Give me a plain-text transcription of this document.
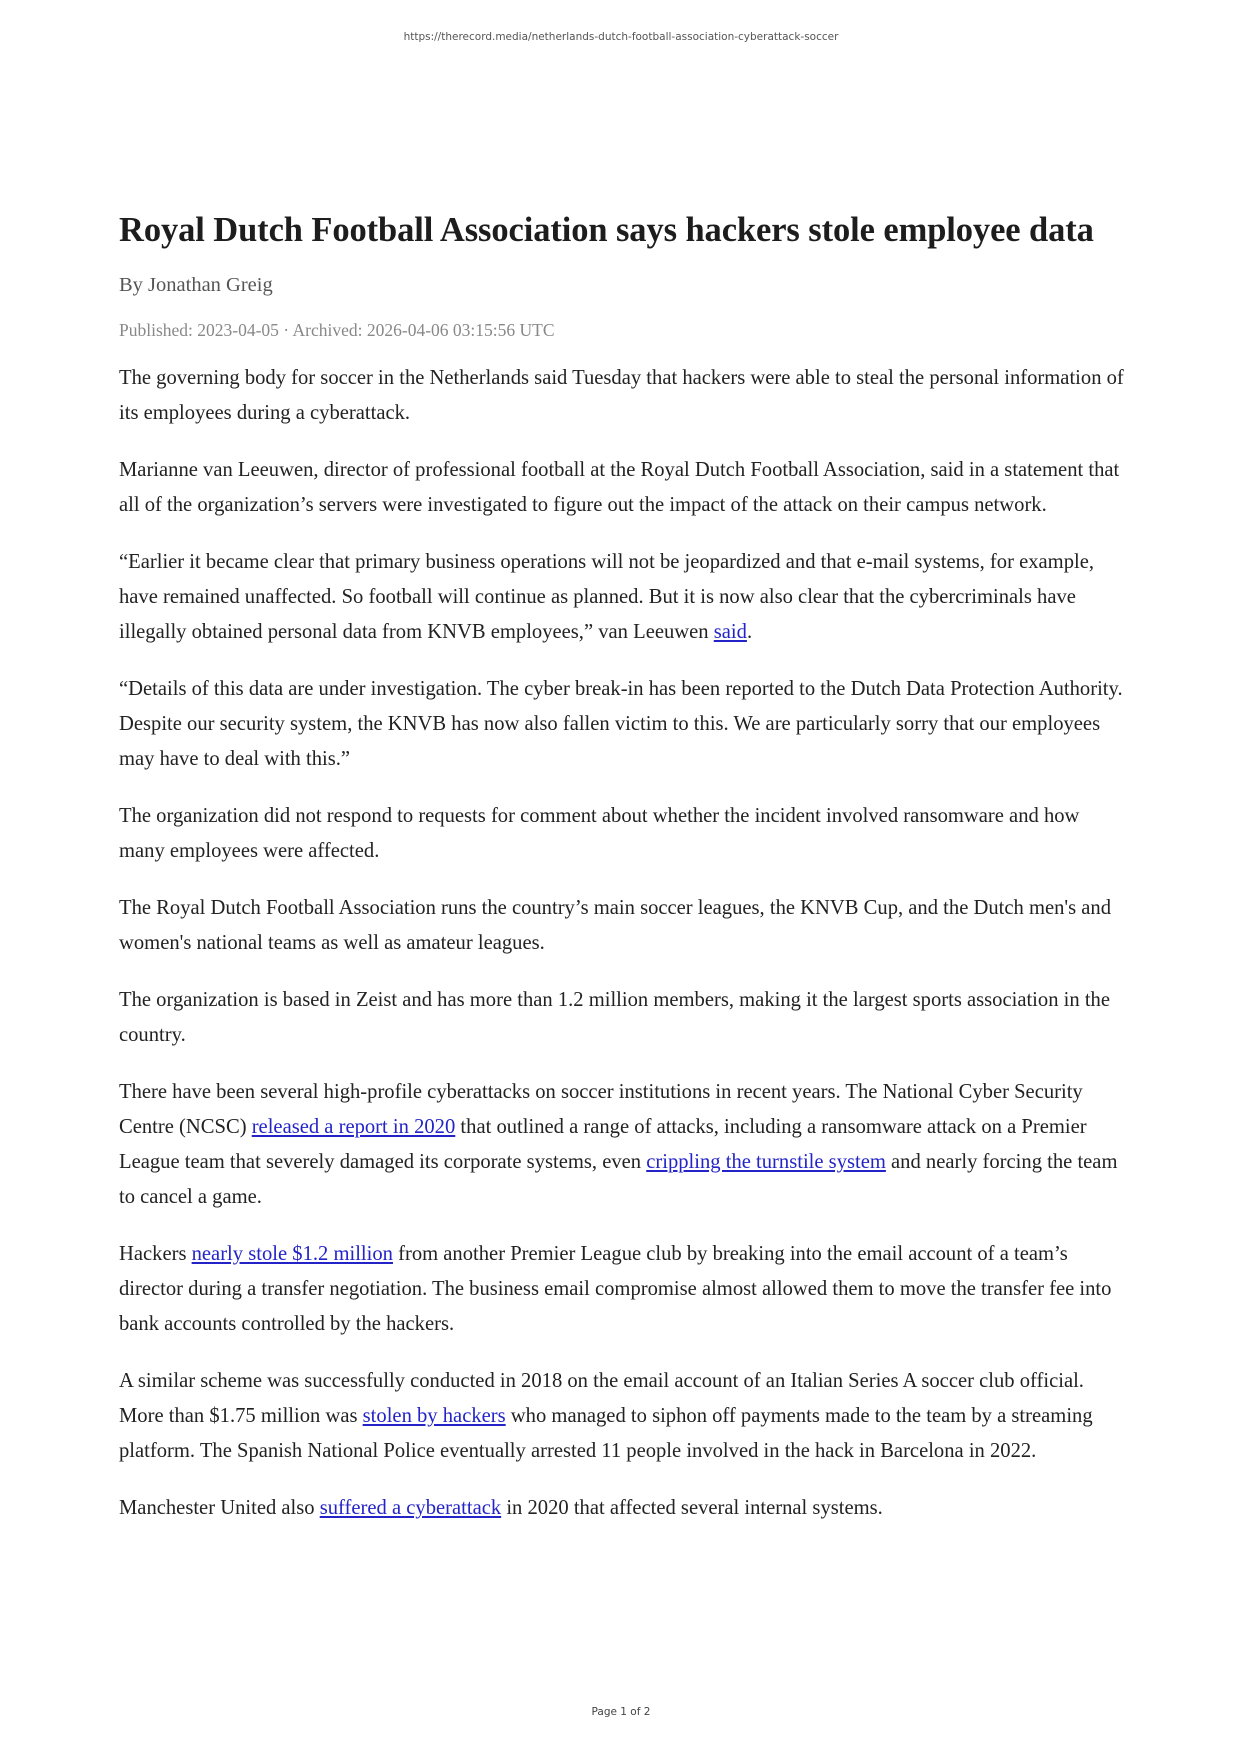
https://therecord.media/netherlands-dutch-football-association-cyberattack-soccer
Royal Dutch Football Association says hackers stole employee data
By Jonathan Greig
Published: 2023-04-05 · Archived: 2026-04-06 03:15:56 UTC

The governing body for soccer in the Netherlands said Tuesday that hackers were able to steal the personal information of its employees during a cyberattack.

Marianne van Leeuwen, director of professional football at the Royal Dutch Football Association, said in a statement that all of the organization’s servers were investigated to figure out the impact of the attack on their campus network.

“Earlier it became clear that primary business operations will not be jeopardized and that e-mail systems, for example, have remained unaffected. So football will continue as planned. But it is now also clear that the cybercriminals have illegally obtained personal data from KNVB employees,” van Leeuwen said.

“Details of this data are under investigation. The cyber break-in has been reported to the Dutch Data Protection Authority. Despite our security system, the KNVB has now also fallen victim to this. We are particularly sorry that our employees may have to deal with this.”

The organization did not respond to requests for comment about whether the incident involved ransomware and how many employees were affected.

The Royal Dutch Football Association runs the country’s main soccer leagues, the KNVB Cup, and the Dutch men's and women's national teams as well as amateur leagues.

The organization is based in Zeist and has more than 1.2 million members, making it the largest sports association in the country.

There have been several high-profile cyberattacks on soccer institutions in recent years. The National Cyber Security Centre (NCSC) released a report in 2020 that outlined a range of attacks, including a ransomware attack on a Premier League team that severely damaged its corporate systems, even crippling the turnstile system and nearly forcing the team to cancel a game.

Hackers nearly stole $1.2 million from another Premier League club by breaking into the email account of a team’s director during a transfer negotiation. The business email compromise almost allowed them to move the transfer fee into bank accounts controlled by the hackers.

A similar scheme was successfully conducted in 2018 on the email account of an Italian Series A soccer club official. More than $1.75 million was stolen by hackers who managed to siphon off payments made to the team by a streaming platform. The Spanish National Police eventually arrested 11 people involved in the hack in Barcelona in 2022.

Manchester United also suffered a cyberattack in 2020 that affected several internal systems.

Page 1 of 2
